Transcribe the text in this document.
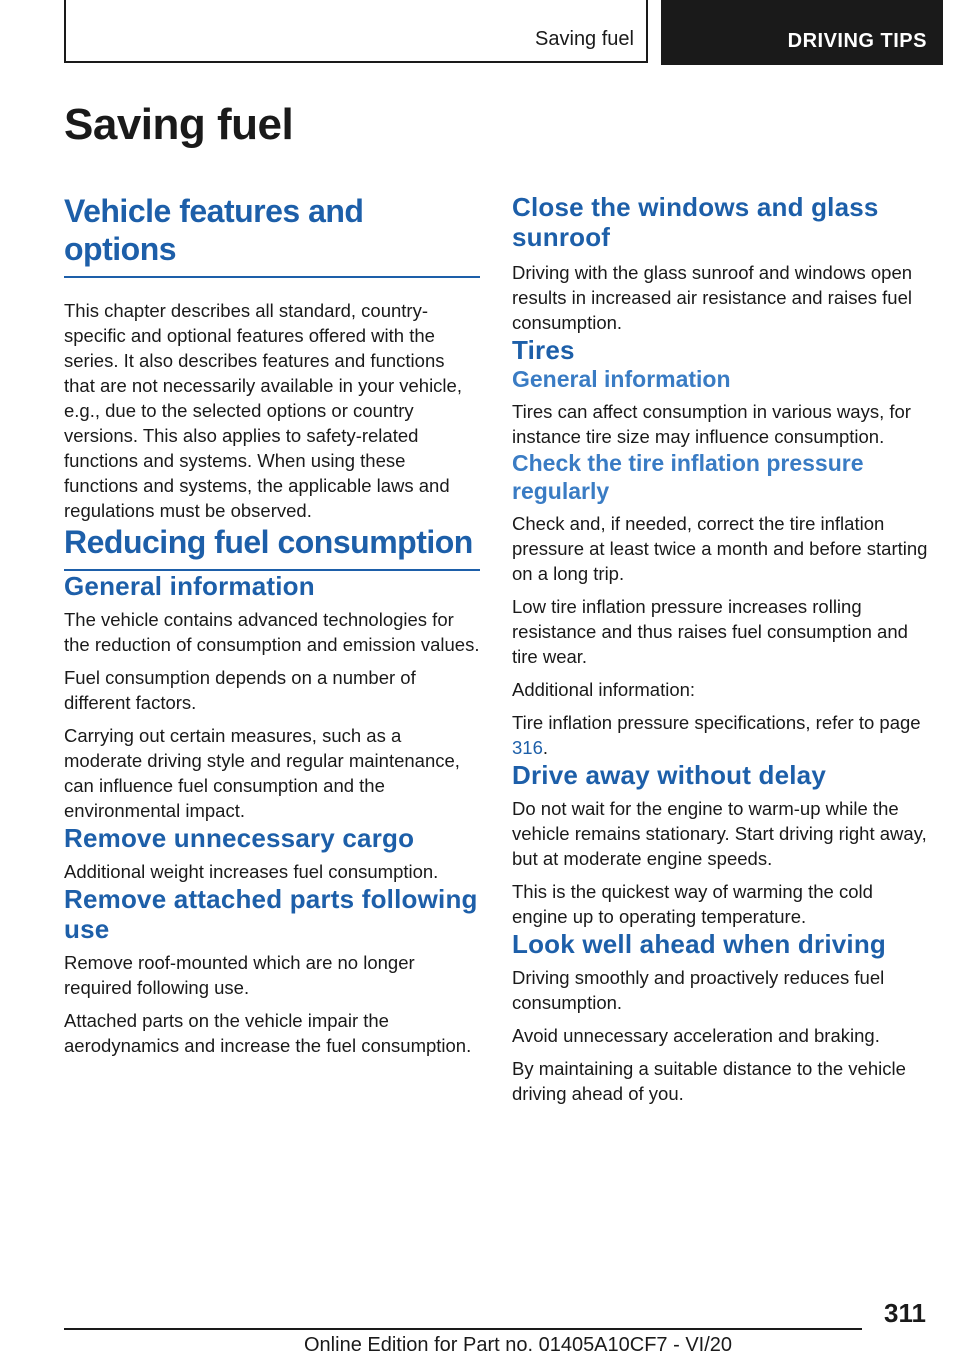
Saving fuel	DRIVING TIPS
Saving fuel
Vehicle features and options

This chapter describes all standard, country-specific and optional features offered with the series. It also describes features and functions that are not necessarily available in your vehicle, e.g., due to the selected options or country versions. This also applies to safety-related functions and systems. When using these functions and systems, the applicable laws and regulations must be observed.

Reducing fuel consumption
General information

The vehicle contains advanced technologies for the reduction of consumption and emission values.

Fuel consumption depends on a number of different factors.

Carrying out certain measures, such as a moderate driving style and regular maintenance, can influence fuel consumption and the environmental impact.

Remove unnecessary cargo

Additional weight increases fuel consumption.

Remove attached parts following use

Remove roof-mounted which are no longer required following use.

Attached parts on the vehicle impair the aerodynamics and increase the fuel consumption.

Close the windows and glass sunroof

Driving with the glass sunroof and windows open results in increased air resistance and raises fuel consumption.

Tires
General information

Tires can affect consumption in various ways, for instance tire size may influence consumption.

Check the tire inflation pressure regularly

Check and, if needed, correct the tire inflation pressure at least twice a month and before starting on a long trip.

Low tire inflation pressure increases rolling resistance and thus raises fuel consumption and tire wear.

Additional information:

Tire inflation pressure specifications, refer to page 316.

Drive away without delay

Do not wait for the engine to warm-up while the vehicle remains stationary. Start driving right away, but at moderate engine speeds.

This is the quickest way of warming the cold engine up to operating temperature.

Look well ahead when driving

Driving smoothly and proactively reduces fuel consumption.

Avoid unnecessary acceleration and braking.

By maintaining a suitable distance to the vehicle driving ahead of you.

311
Online Edition for Part no. 01405A10CF7 - VI/20
